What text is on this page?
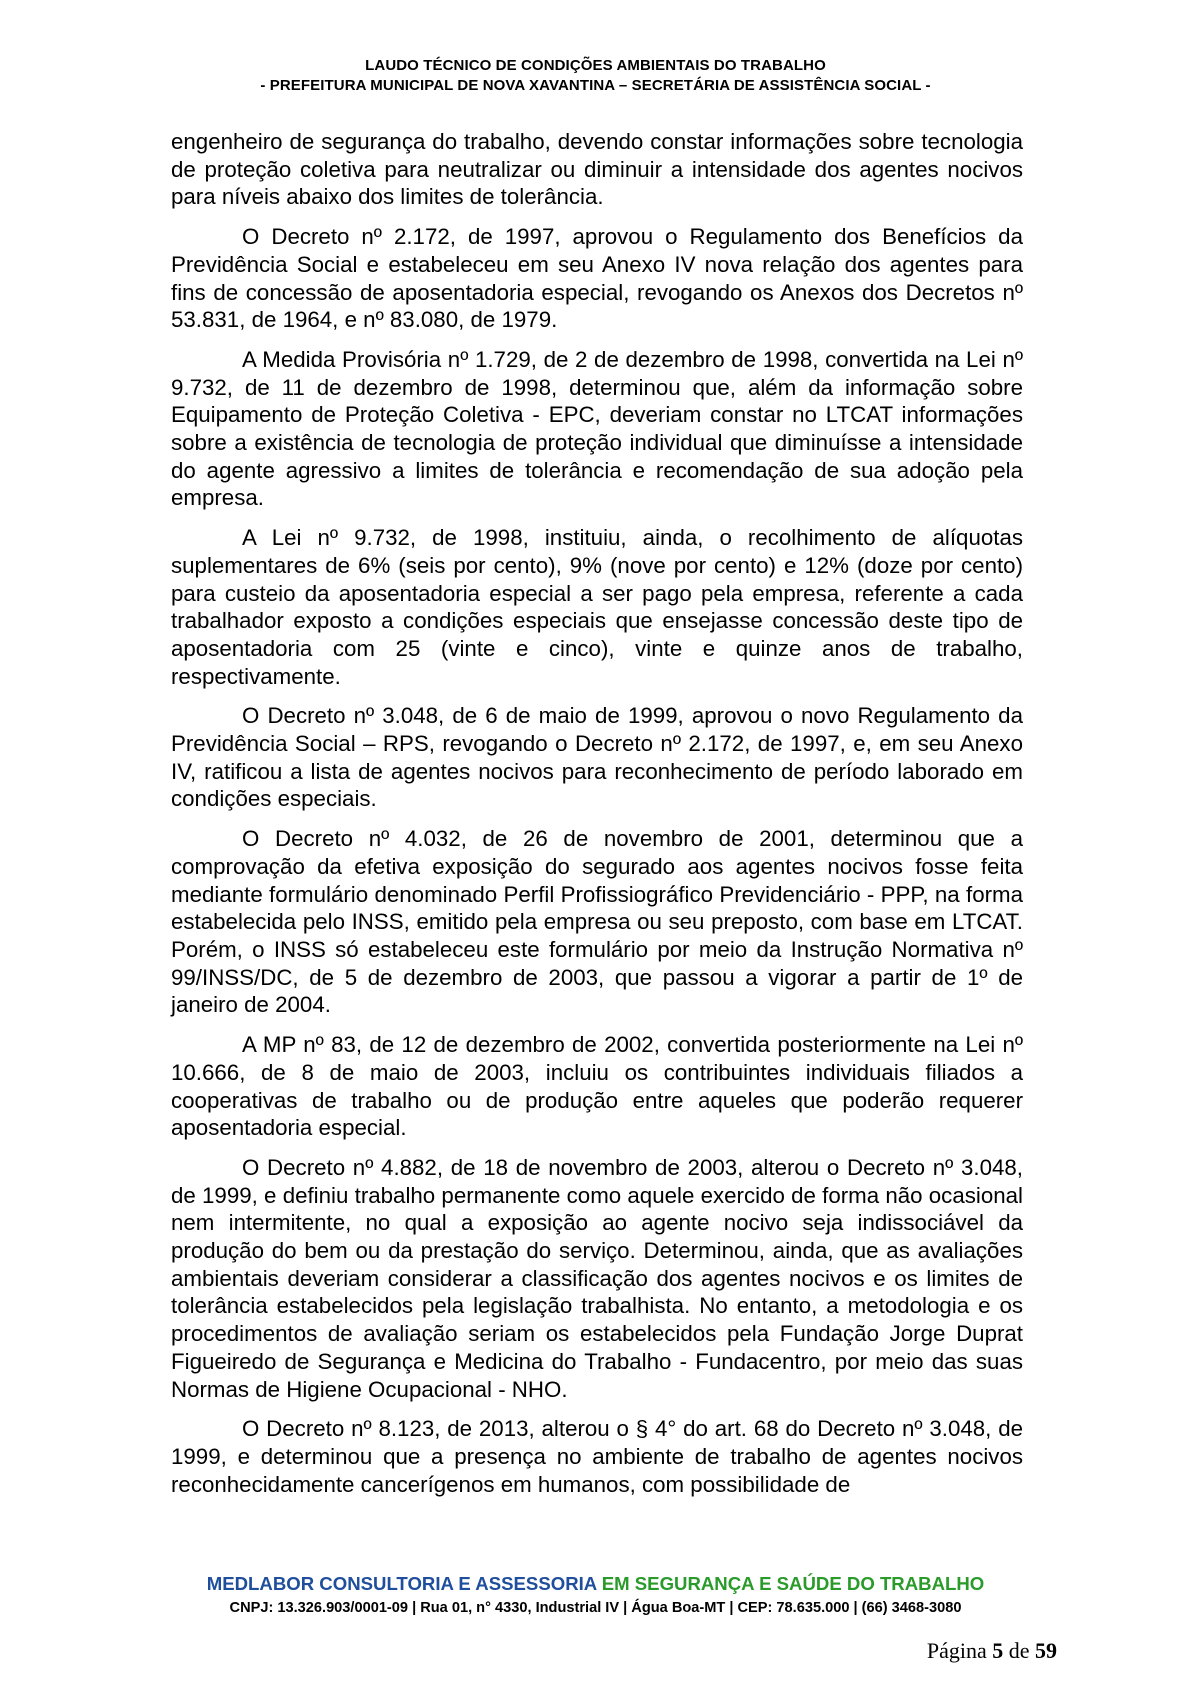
LAUDO TÉCNICO DE CONDIÇÕES AMBIENTAIS DO TRABALHO
- PREFEITURA MUNICIPAL DE NOVA XAVANTINA – SECRETÁRIA DE ASSISTÊNCIA SOCIAL -

engenheiro de segurança do trabalho, devendo constar informações sobre tecnologia de proteção coletiva para neutralizar ou diminuir a intensidade dos agentes nocivos para níveis abaixo dos limites de tolerância.

O Decreto nº 2.172, de 1997, aprovou o Regulamento dos Benefícios da Previdência Social e estabeleceu em seu Anexo IV nova relação dos agentes para fins de concessão de aposentadoria especial, revogando os Anexos dos Decretos nº 53.831, de 1964, e nº 83.080, de 1979.

A Medida Provisória nº 1.729, de 2 de dezembro de 1998, convertida na Lei nº 9.732, de 11 de dezembro de 1998, determinou que, além da informação sobre Equipamento de Proteção Coletiva - EPC, deveriam constar no LTCAT informações sobre a existência de tecnologia de proteção individual que diminuísse a intensidade do agente agressivo a limites de tolerância e recomendação de sua adoção pela empresa.

A Lei nº 9.732, de 1998, instituiu, ainda, o recolhimento de alíquotas suplementares de 6% (seis por cento), 9% (nove por cento) e 12% (doze por cento) para custeio da aposentadoria especial a ser pago pela empresa, referente a cada trabalhador exposto a condições especiais que ensejasse concessão deste tipo de aposentadoria com 25 (vinte e cinco), vinte e quinze anos de trabalho, respectivamente.

O Decreto nº 3.048, de 6 de maio de 1999, aprovou o novo Regulamento da Previdência Social – RPS, revogando o Decreto nº 2.172, de 1997, e, em seu Anexo IV, ratificou a lista de agentes nocivos para reconhecimento de período laborado em condições especiais.

O Decreto nº 4.032, de 26 de novembro de 2001, determinou que a comprovação da efetiva exposição do segurado aos agentes nocivos fosse feita mediante formulário denominado Perfil Profissiográfico Previdenciário - PPP, na forma estabelecida pelo INSS, emitido pela empresa ou seu preposto, com base em LTCAT. Porém, o INSS só estabeleceu este formulário por meio da Instrução Normativa nº 99/INSS/DC, de 5 de dezembro de 2003, que passou a vigorar a partir de 1º de janeiro de 2004.

A MP nº 83, de 12 de dezembro de 2002, convertida posteriormente na Lei nº 10.666, de 8 de maio de 2003, incluiu os contribuintes individuais filiados a cooperativas de trabalho ou de produção entre aqueles que poderão requerer aposentadoria especial.

O Decreto nº 4.882, de 18 de novembro de 2003, alterou o Decreto nº 3.048, de 1999, e definiu trabalho permanente como aquele exercido de forma não ocasional nem intermitente, no qual a exposição ao agente nocivo seja indissociável da produção do bem ou da prestação do serviço. Determinou, ainda, que as avaliações ambientais deveriam considerar a classificação dos agentes nocivos e os limites de tolerância estabelecidos pela legislação trabalhista. No entanto, a metodologia e os procedimentos de avaliação seriam os estabelecidos pela Fundação Jorge Duprat Figueiredo de Segurança e Medicina do Trabalho - Fundacentro, por meio das suas Normas de Higiene Ocupacional - NHO.

O Decreto nº 8.123, de 2013, alterou o § 4° do art. 68 do Decreto nº 3.048, de 1999, e determinou que a presença no ambiente de trabalho de agentes nocivos reconhecidamente cancerígenos em humanos, com possibilidade de

MEDLABOR CONSULTORIA E ASSESSORIA EM SEGURANÇA E SAÚDE DO TRABALHO
CNPJ: 13.326.903/0001-09 | Rua 01, n° 4330, Industrial IV | Água Boa-MT | CEP: 78.635.000 | (66) 3468-3080
Página 5 de 59
